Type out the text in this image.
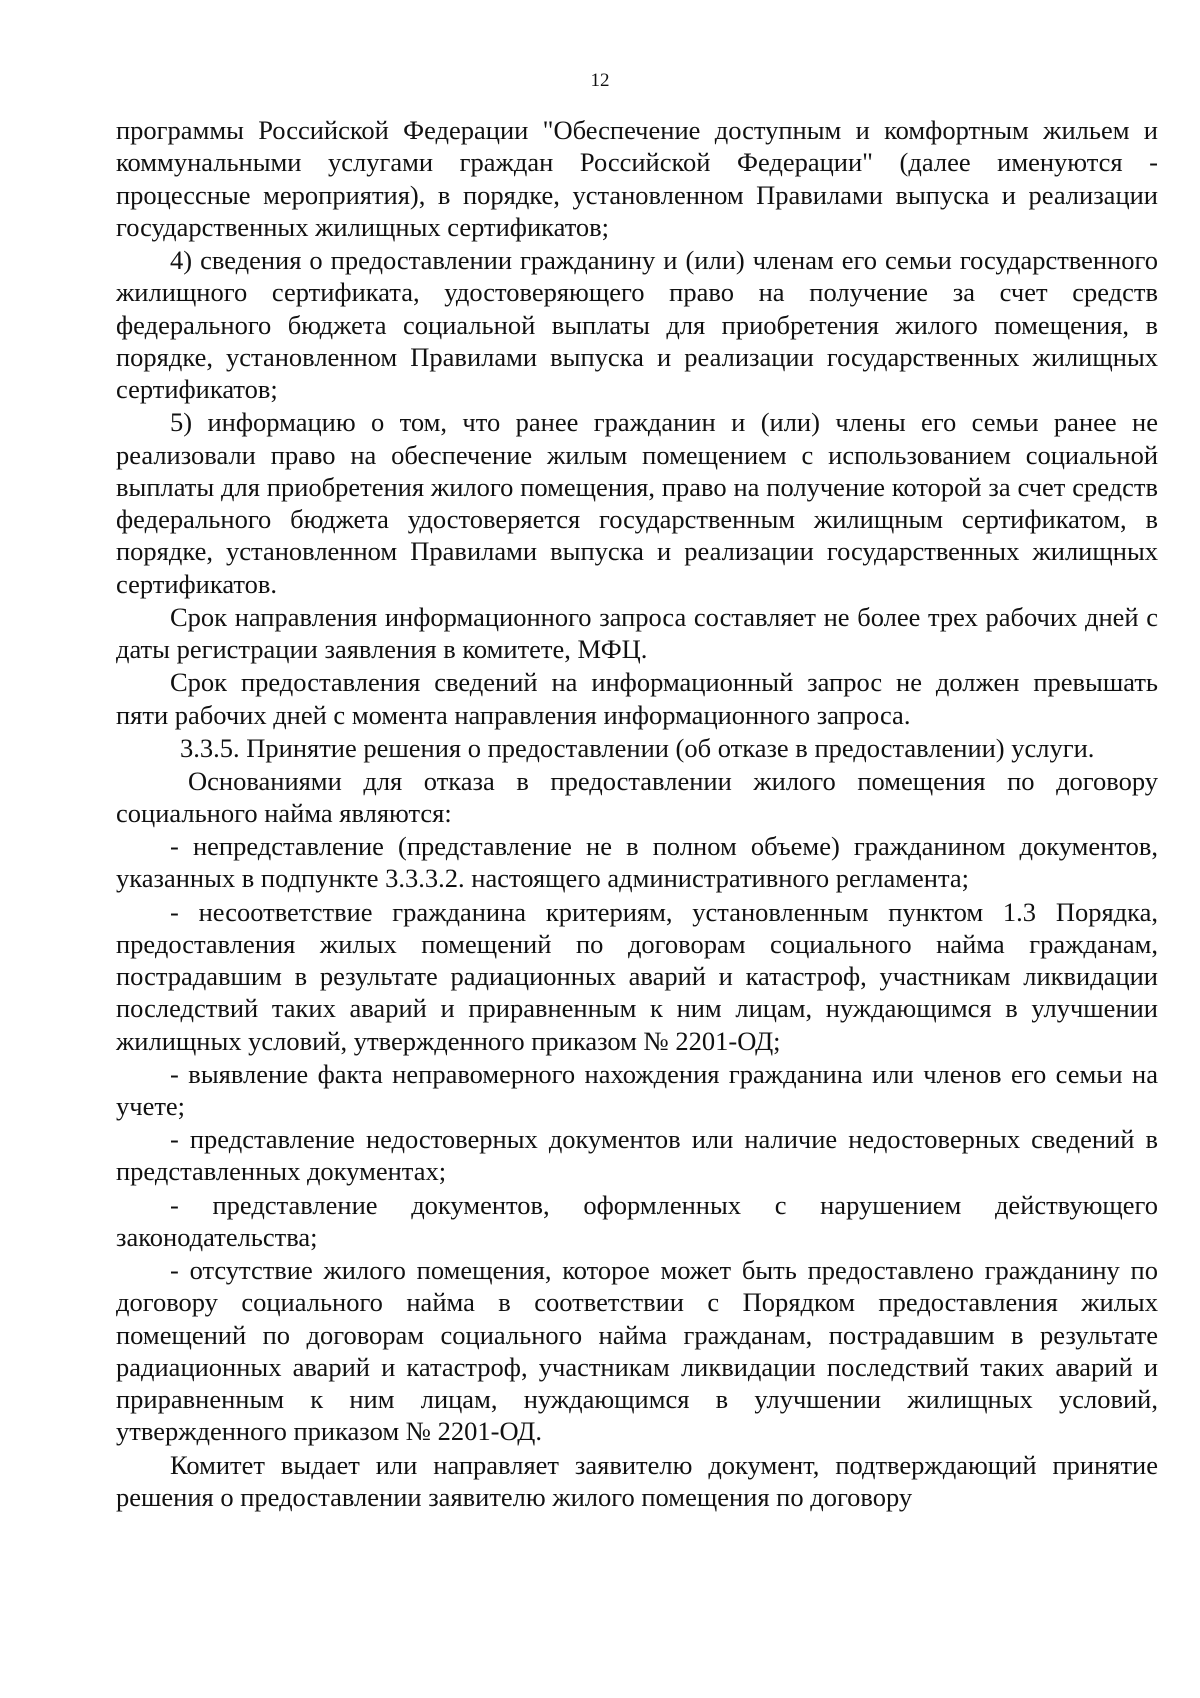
12

программы Российской Федерации "Обеспечение доступным и комфортным жильем и коммунальными услугами граждан Российской Федерации" (далее именуются - процессные мероприятия), в порядке, установленном Правилами выпуска и реализации государственных жилищных сертификатов;

4) сведения о предоставлении гражданину и (или) членам его семьи государственного жилищного сертификата, удостоверяющего право на получение за счет средств федерального бюджета социальной выплаты для приобретения жилого помещения, в порядке, установленном Правилами выпуска и реализации государственных жилищных сертификатов;

5) информацию о том, что ранее гражданин и (или) члены его семьи ранее не реализовали право на обеспечение жилым помещением с использованием социальной выплаты для приобретения жилого помещения, право на получение которой за счет средств федерального бюджета удостоверяется государственным жилищным сертификатом, в порядке, установленном Правилами выпуска и реализации государственных жилищных сертификатов.

Срок направления информационного запроса составляет не более трех рабочих дней с даты регистрации заявления в комитете, МФЦ.

Срок предоставления сведений на информационный запрос не должен превышать пяти рабочих дней с момента направления информационного запроса.

3.3.5. Принятие решения о предоставлении (об отказе в предоставлении) услуги.

Основаниями для отказа в предоставлении жилого помещения по договору социального найма являются:

- непредставление (представление не в полном объеме) гражданином документов, указанных в подпункте 3.3.3.2. настоящего административного регламента;

- несоответствие гражданина критериям, установленным пунктом 1.3 Порядка, предоставления жилых помещений по договорам социального найма гражданам, пострадавшим в результате радиационных аварий и катастроф, участникам ликвидации последствий таких аварий и приравненным к ним лицам, нуждающимся в улучшении жилищных условий, утвержденного приказом № 2201-ОД;

- выявление факта неправомерного нахождения гражданина или членов его семьи на учете;

- представление недостоверных документов или наличие недостоверных сведений в представленных документах;

- представление документов, оформленных с нарушением действующего законодательства;

- отсутствие жилого помещения, которое может быть предоставлено гражданину по договору социального найма в соответствии с Порядком предоставления жилых помещений по договорам социального найма гражданам, пострадавшим в результате радиационных аварий и катастроф, участникам ликвидации последствий таких аварий и приравненным к ним лицам, нуждающимся в улучшении жилищных условий, утвержденного приказом № 2201-ОД.

Комитет выдает или направляет заявителю документ, подтверждающий принятие решения о предоставлении заявителю жилого помещения по договору
